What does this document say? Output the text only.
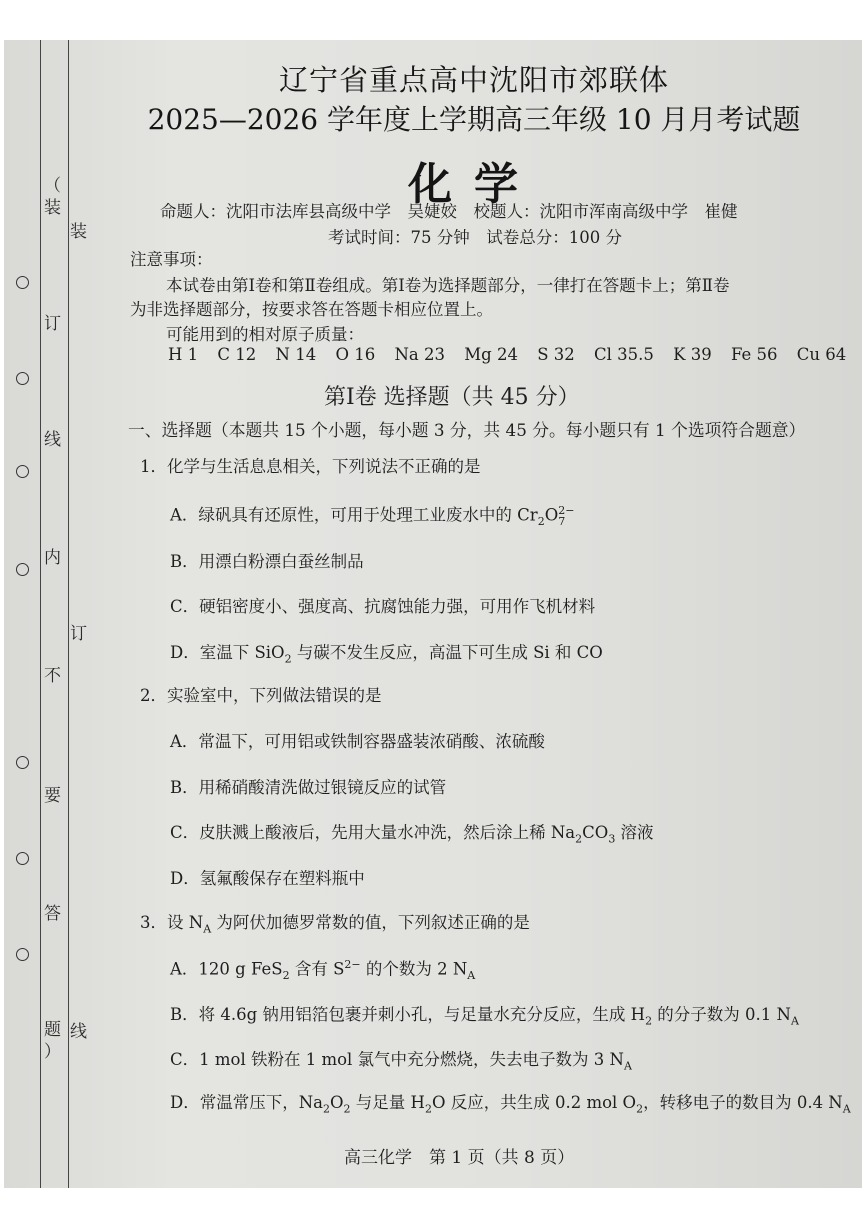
（
装
订
线
内
不
要
答
题
）
装
订
线
辽宁省重点高中沈阳市郊联体
2025—2026 学年度上学期高三年级 10 月月考试题
化学
命题人：沈阳市法库县高级中学　吴婕姣　校题人：沈阳市浑南高级中学　崔健
考试时间：75 分钟　试卷总分：100 分
注意事项：
本试卷由第Ⅰ卷和第Ⅱ卷组成。第Ⅰ卷为选择题部分，一律打在答题卡上；第Ⅱ卷
为非选择题部分，按要求答在答题卡相应位置上。
可能用到的相对原子质量：
H 1 C 12 N 14 O 16 Na 23 Mg 24 S 32 Cl 35.5 K 39 Fe 56 Cu 64
第Ⅰ卷 选择题（共 45 分）
一、选择题（本题共 15 个小题，每小题 3 分，共 45 分。每小题只有 1 个选项符合题意）
1．化学与生活息息相关，下列说法不正确的是
A．绿矾具有还原性，可用于处理工业废水中的 $Cr_2O2-$
7
B．用漂白粉漂白蚕丝制品
C．硬铝密度小、强度高、抗腐蚀能力强，可用作飞机材料
D．室温下 SiO$_2$ 与碳不发生反应，高温下可生成 Si 和 CO
2．实验室中，下列做法错误的是
A．常温下，可用铝或铁制容器盛装浓硝酸、浓硫酸
B．用稀硝酸清洗做过银镜反应的试管
C．皮肤溅上酸液后，先用大量水冲洗，然后涂上稀 $Na_2CO_3$ 溶液
D．氢氟酸保存在塑料瓶中
3．设 $N_A$ 为阿伏加德罗常数的值，下列叙述正确的是
A．120 g FeS$_2$ 含有 $S^{2-}$ 的个数为 2 $N_A$
B．将 4.6g 钠用铝箔包裹并刺小孔，与足量水充分反应，生成 $H_2$ 的分子数为 0.1 $N_A$
C．1 mol 铁粉在 1 mol 氯气中充分燃烧，失去电子数为 3 $N_A$
D．常温常压下，$Na_2O_2$ 与足量 $H_2O$ 反应，共生成 0.2 mol $O_2$，转移电子的数目为 0.4 $N_A$
高三化学　第 1 页（共 8 页）
